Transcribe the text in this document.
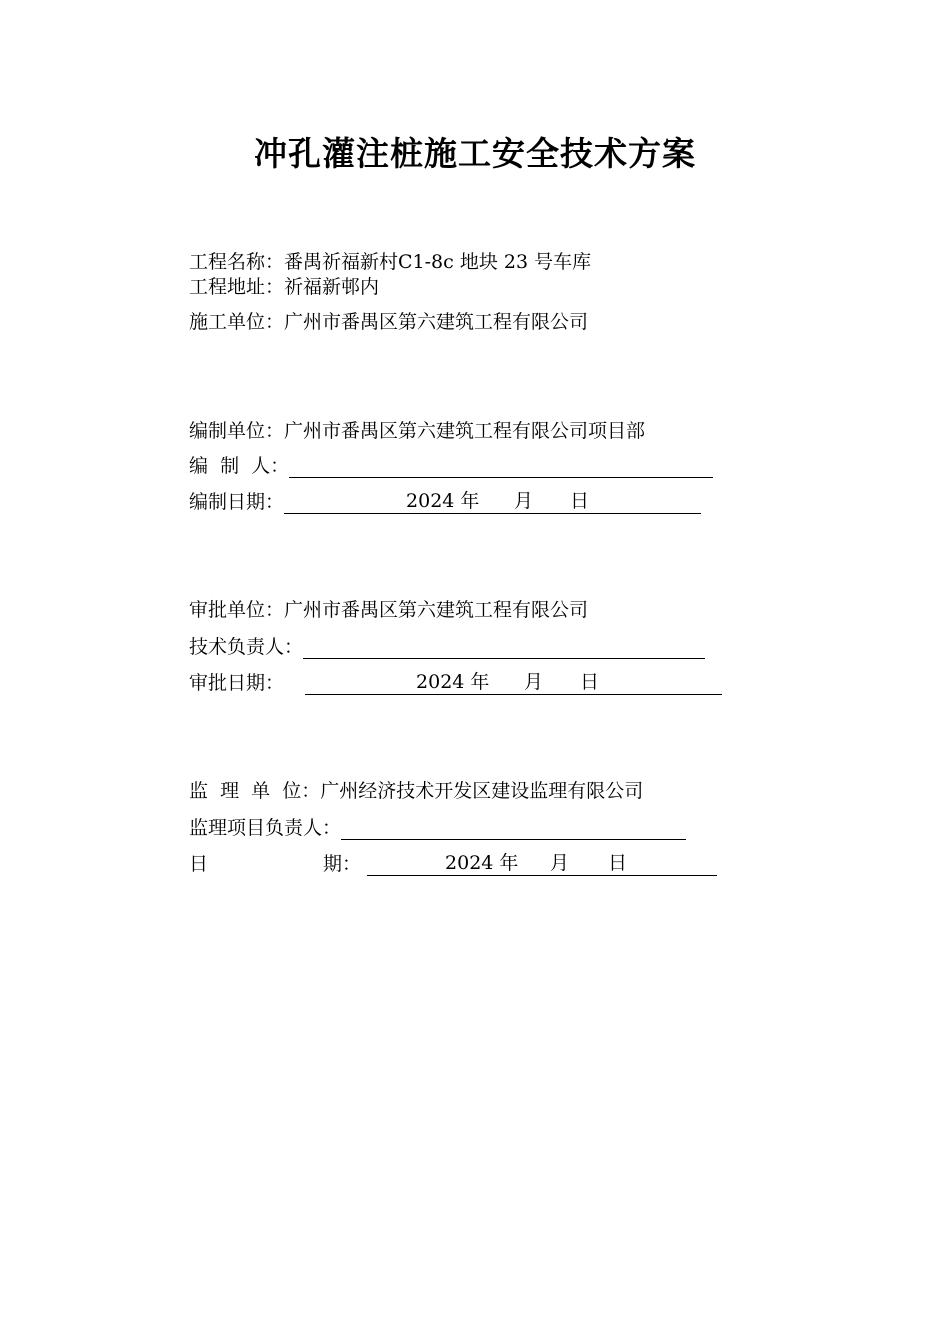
冲孔灌注桩施工安全技术方案
工程名称：番禺祈福新村C1-8c 地块 23 号车库
工程地址：祈福新邨内
施工单位：广州市番禺区第六建筑工程有限公司
编制单位：广州市番禺区第六建筑工程有限公司项目部
编  制  人：
编制日期：	2024 年 月 日
审批单位：广州市番禺区第六建筑工程有限公司
技术负责人：
审批日期：	2024 年 月 日
监  理  单  位：广州经济技术开发区建设监理有限公司
监理项目负责人：
日	期：	2024 年 月 日
